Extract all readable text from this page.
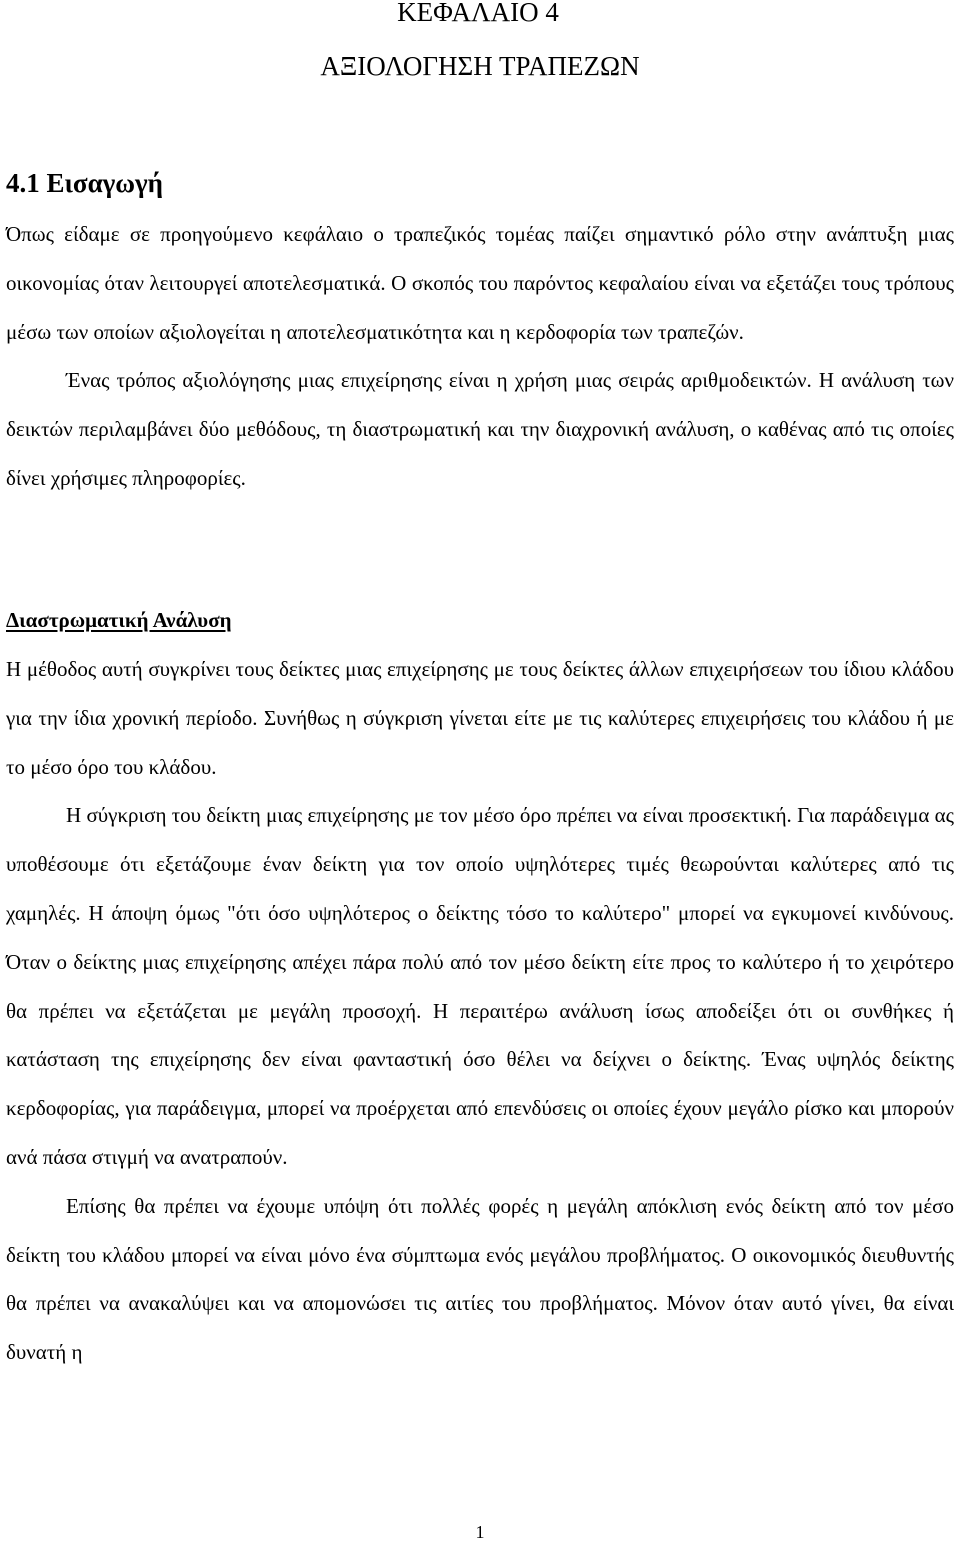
ΚΕΦΑΛΑΙΟ 4
ΑΞΙΟΛΟΓΗΣΗ ΤΡΑΠΕΖΩΝ
4.1 Εισαγωγή

Όπως είδαμε σε προηγούμενο κεφάλαιο ο τραπεζικός τομέας παίζει σημαντικό ρόλο στην ανάπτυξη μιας οικονομίας όταν λειτουργεί αποτελεσματικά. Ο σκοπός του παρόντος κεφαλαίου είναι να εξετάζει τους τρόπους μέσω των οποίων αξιολογείται η αποτελεσματικότητα και η κερδοφορία των τραπεζών.

Ένας τρόπος αξιολόγησης μιας επιχείρησης είναι η χρήση μιας σειράς αριθμοδεικτών. Η ανάλυση των δεικτών περιλαμβάνει δύο μεθόδους, τη διαστρωματική και την διαχρονική ανάλυση, ο καθένας από τις οποίες δίνει χρήσιμες πληροφορίες.

Διαστρωματική Ανάλυση

Η μέθοδος αυτή συγκρίνει τους δείκτες μιας επιχείρησης με τους δείκτες άλλων επιχειρήσεων του ίδιου κλάδου για την ίδια χρονική περίοδο. Συνήθως η σύγκριση γίνεται είτε με τις καλύτερες επιχειρήσεις του κλάδου ή με το μέσο όρο του κλάδου.

Η σύγκριση του δείκτη μιας επιχείρησης με τον μέσο όρο πρέπει να είναι προσεκτική. Για παράδειγμα ας υποθέσουμε ότι εξετάζουμε έναν δείκτη για τον οποίο υψηλότερες τιμές θεωρούνται καλύτερες από τις χαμηλές. Η άποψη όμως "ότι όσο υψηλότερος ο δείκτης τόσο το καλύτερο" μπορεί να εγκυμονεί κινδύνους. Όταν ο δείκτης μιας επιχείρησης απέχει πάρα πολύ από τον μέσο δείκτη είτε προς το καλύτερο ή το χειρότερο θα πρέπει να εξετάζεται με μεγάλη προσοχή. Η περαιτέρω ανάλυση ίσως αποδείξει ότι οι συνθήκες ή κατάσταση της επιχείρησης δεν είναι φανταστική όσο θέλει να δείχνει ο δείκτης. Ένας υψηλός δείκτης κερδοφορίας, για παράδειγμα, μπορεί να προέρχεται από επενδύσεις οι οποίες έχουν μεγάλο ρίσκο και μπορούν ανά πάσα στιγμή να ανατραπούν.

Επίσης θα πρέπει να έχουμε υπόψη ότι πολλές φορές η μεγάλη απόκλιση ενός δείκτη από τον μέσο δείκτη του κλάδου μπορεί να είναι μόνο ένα σύμπτωμα ενός μεγάλου προβλήματος. Ο οικονομικός διευθυντής θα πρέπει να ανακαλύψει και να απομονώσει τις αιτίες του προβλήματος. Μόνον όταν αυτό γίνει, θα είναι δυνατή η

1
